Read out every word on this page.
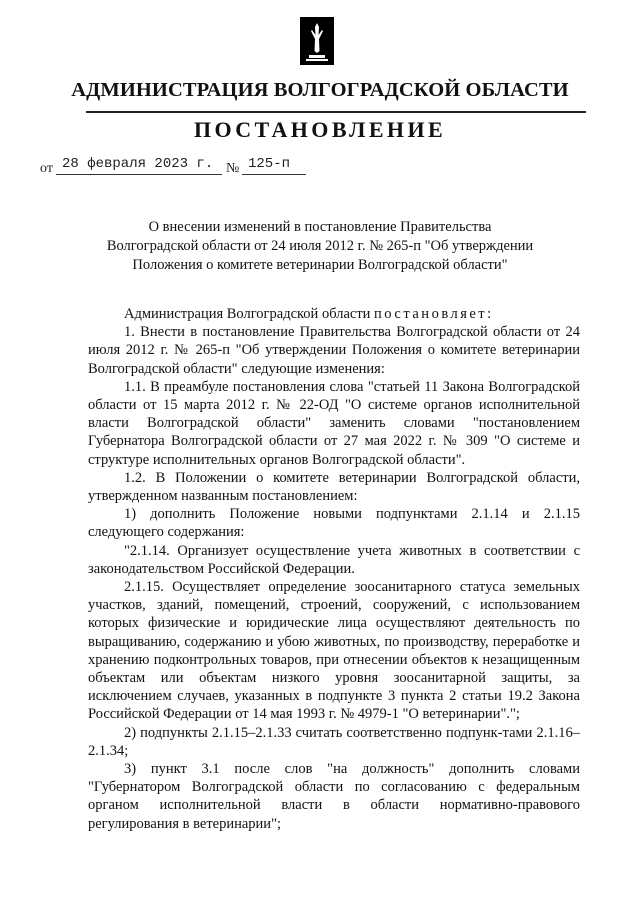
АДМИНИСТРАЦИЯ ВОЛГОГРАДСКОЙ ОБЛАСТИ
ПОСТАНОВЛЕНИЕ
от 28 февраля 2023 г. № 125-п
О внесении изменений в постановление Правительства
Волгоградской области от 24 июля 2012 г. № 265-п "Об утверждении
Положения о комитете ветеринарии Волгоградской области"

Администрация Волгоградской области постановляет:

1. Внести в постановление Правительства Волгоградской области от 24 июля 2012 г. № 265-п "Об утверждении Положения о комитете ветеринарии Волгоградской области" следующие изменения:

1.1. В преамбуле постановления слова "статьей 11 Закона Волгоградской области от 15 марта 2012 г. № 22-ОД "О системе органов исполнительной власти Волгоградской области" заменить словами "постановлением Губернатора Волгоградской области от 27 мая 2022 г. № 309 "О системе и структуре исполнительных органов Волгоградской области".

1.2. В Положении о комитете ветеринарии Волгоградской области, утвержденном названным постановлением:

1) дополнить Положение новыми подпунктами 2.1.14 и 2.1.15 следующего содержания:

"2.1.14. Организует осуществление учета животных в соответствии с законодательством Российской Федерации.

2.1.15. Осуществляет определение зоосанитарного статуса земельных участков, зданий, помещений, строений, сооружений, с использованием которых физические и юридические лица осуществляют деятельность по выращиванию, содержанию и убою животных, по производству, переработке и хранению подконтрольных товаров, при отнесении объектов к незащищенным объектам или объектам низкого уровня зоосанитарной защиты, за исключением случаев, указанных в подпункте 3 пункта 2 статьи 19.2 Закона Российской Федерации от 14 мая 1993 г. № 4979-1 "О ветеринарии".";

2) подпункты 2.1.15–2.1.33 считать соответственно подпунк-тами 2.1.16–2.1.34;

3) пункт 3.1 после слов "на должность" дополнить словами "Губернатором Волгоградской области по согласованию с федеральным органом исполнительной власти в области нормативно-правового регулирования в ветеринарии";
